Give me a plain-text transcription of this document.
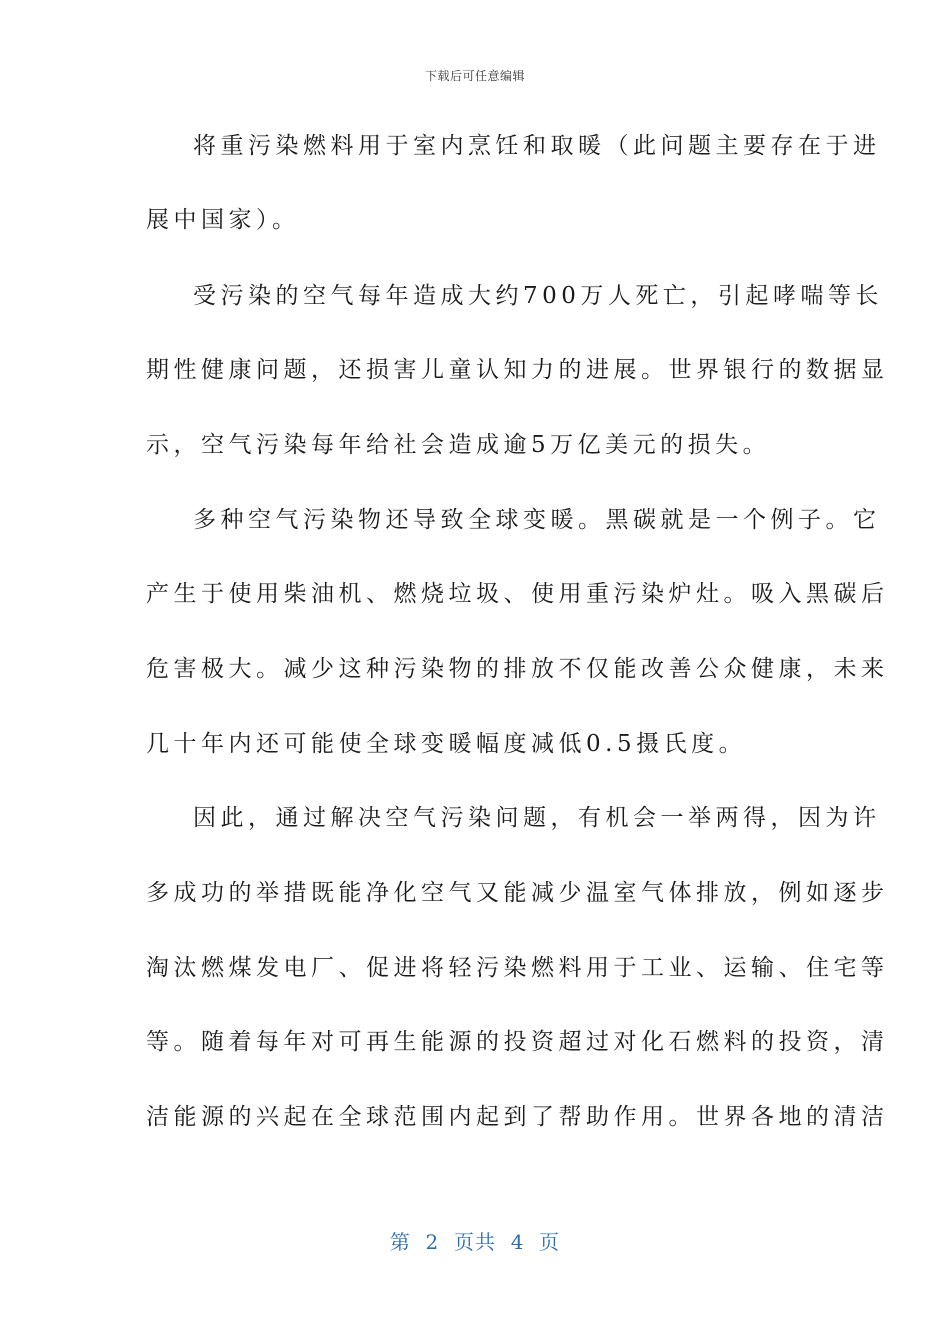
下载后可任意编辑
将重污染燃料用于室内烹饪和取暖（此问题主要存在于进
展中国家）。
受污染的空气每年造成大约700万人死亡，引起哮喘等长
期性健康问题，还损害儿童认知力的进展。世界银行的数据显
示，空气污染每年给社会造成逾5万亿美元的损失。
多种空气污染物还导致全球变暖。黑碳就是一个例子。它
产生于使用柴油机、燃烧垃圾、使用重污染炉灶。吸入黑碳后
危害极大。减少这种污染物的排放不仅能改善公众健康，未来
几十年内还可能使全球变暖幅度减低0.5摄氏度。
因此，通过解决空气污染问题，有机会一举两得，因为许
多成功的举措既能净化空气又能减少温室气体排放，例如逐步
淘汰燃煤发电厂、促进将轻污染燃料用于工业、运输、住宅等
等。随着每年对可再生能源的投资超过对化石燃料的投资，清
洁能源的兴起在全球范围内起到了帮助作用。世界各地的清洁
第  2  页共  4  页
